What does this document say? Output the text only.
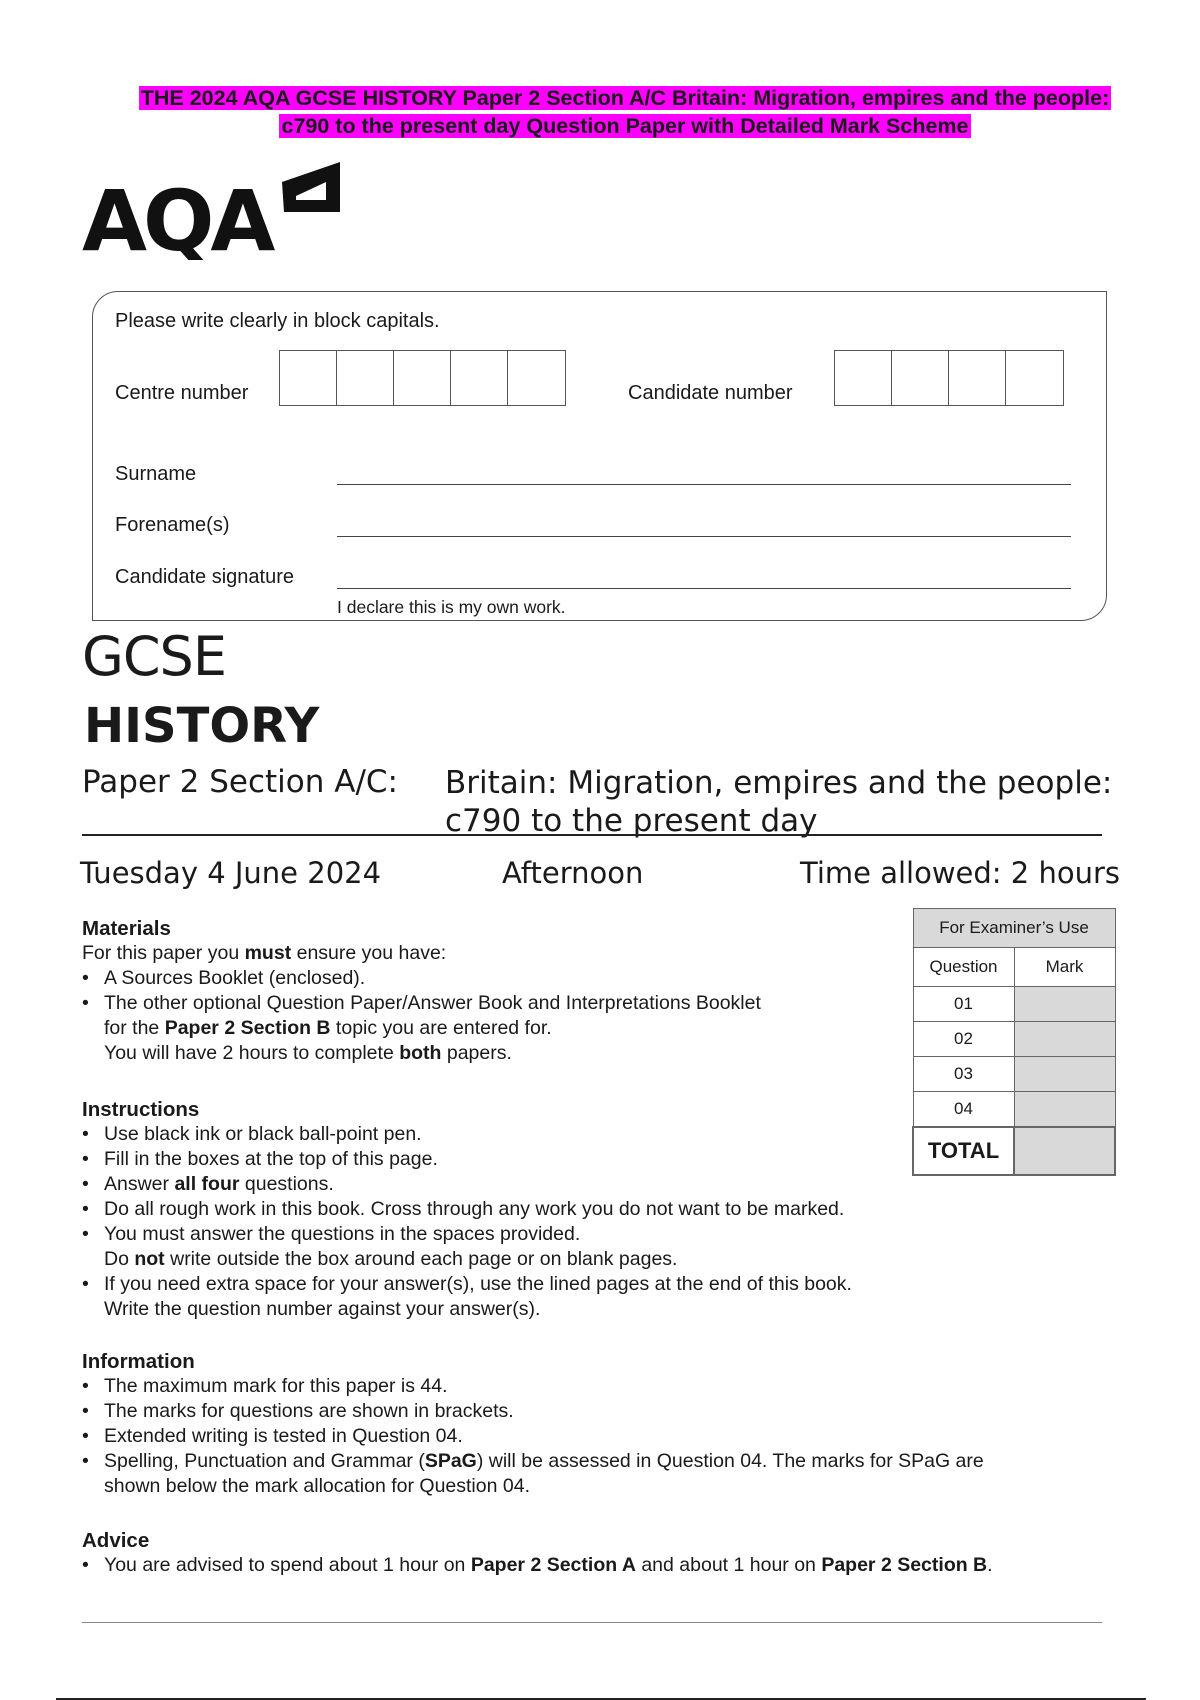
THE 2024 AQA GCSE HISTORY Paper 2 Section A/C Britain: Migration, empires and the people:
c790 to the present day Question Paper with Detailed Mark Scheme
AQA
Please write clearly in block capitals.
Centre number	Candidate number
Surname
Forename(s)
Candidate signature
I declare this is my own work.
GCSE
HISTORY
Paper 2 Section A/C: Britain: Migration, empires and the people:
c790 to the present day
Tuesday 4 June 2024	Afternoon	Time allowed: 2 hours
Materials

For this paper you must ensure you have:

• A Sources Booklet (enclosed).
• The other optional Question Paper/Answer Book and Interpretations Booklet
for the Paper 2 Section B topic you are entered for.
You will have 2 hours to complete both papers.
Instructions
• Use black ink or black ball-point pen.
• Fill in the boxes at the top of this page.
• Answer all four questions.
• Do all rough work in this book. Cross through any work you do not want to be marked.
• You must answer the questions in the spaces provided.
Do not write outside the box around each page or on blank pages.
• If you need extra space for your answer(s), use the lined pages at the end of this book.
Write the question number against your answer(s).
Information
• The maximum mark for this paper is 44.
• The marks for questions are shown in brackets.
• Extended writing is tested in Question 04.
• Spelling, Punctuation and Grammar (SPaG) will be assessed in Question 04. The marks for SPaG are
shown below the mark allocation for Question 04.
Advice
• You are advised to spend about 1 hour on Paper 2 Section A and about 1 hour on Paper 2 Section B.
For Examiner’s Use	
Question	Mark
01	
02	
03	
04	
TOTAL	
